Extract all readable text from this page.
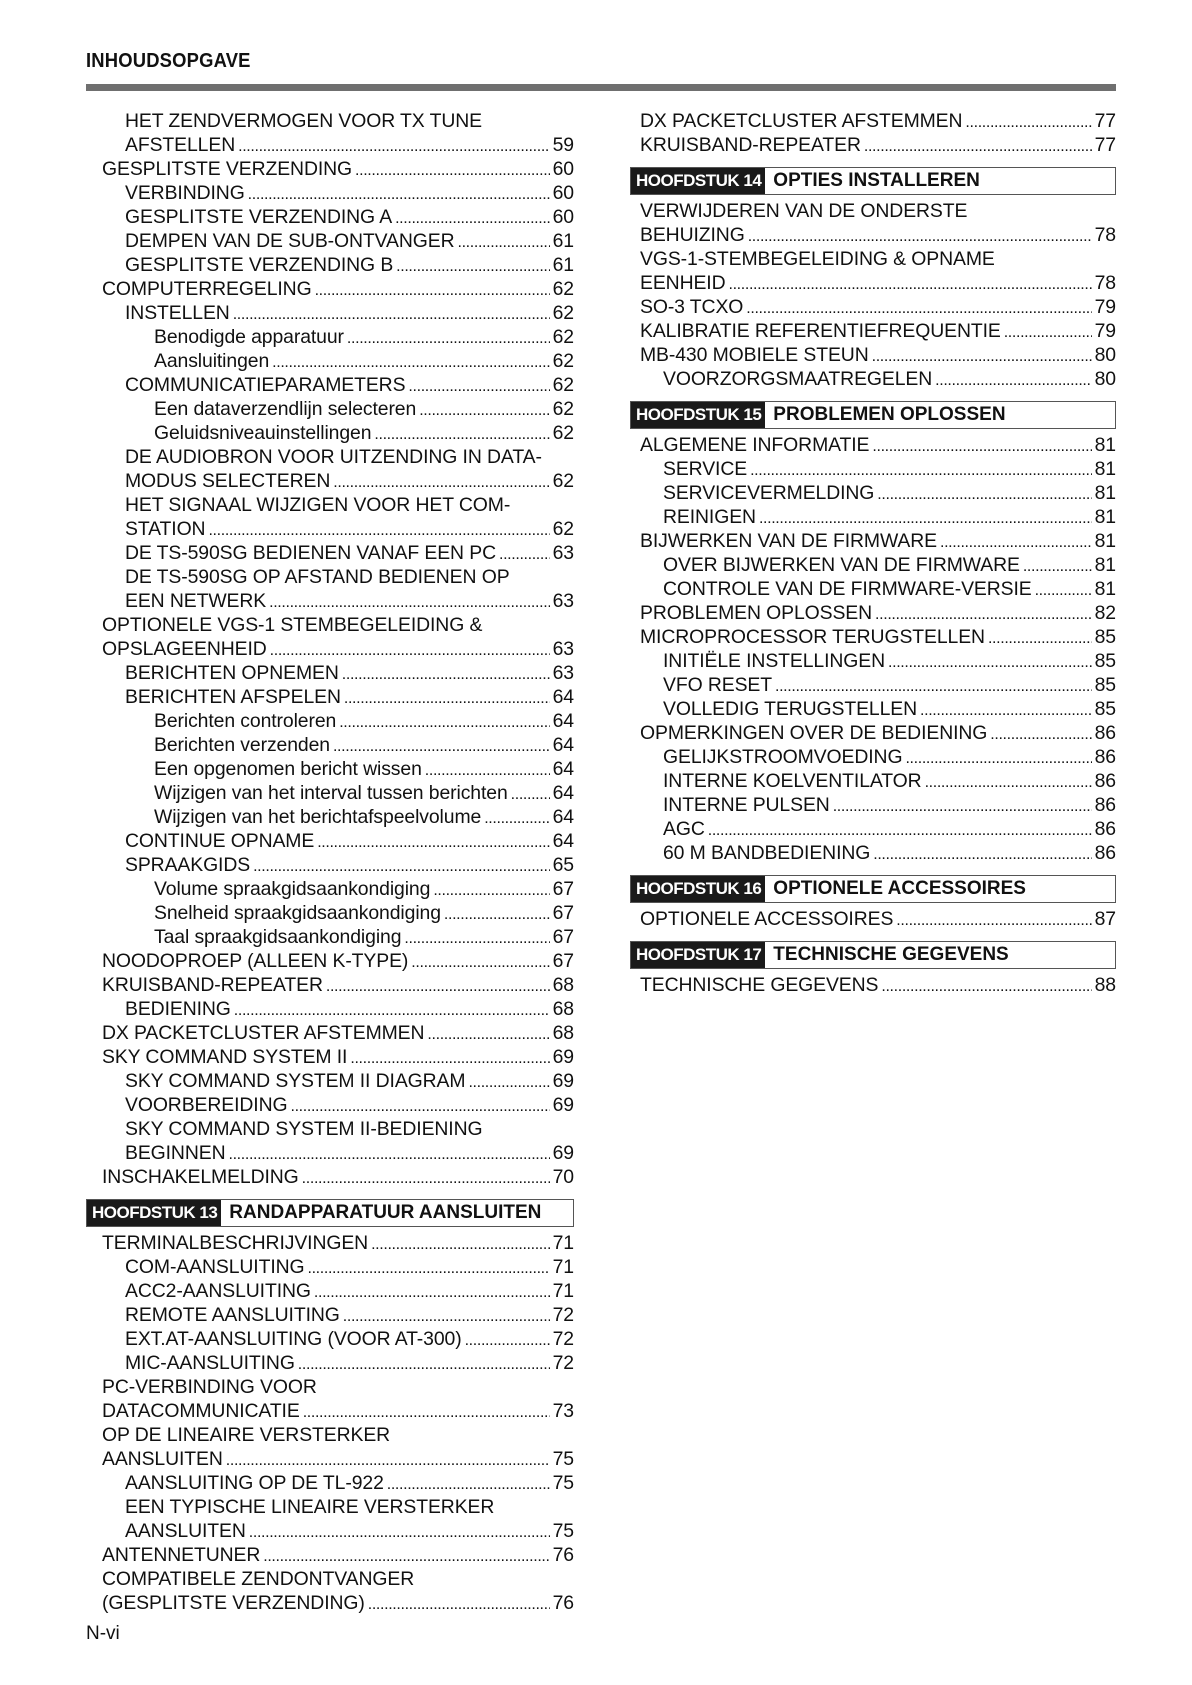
INHOUDSOPGAVE
HET ZENDVERMOGEN VOOR TX TUNE
AFSTELLEN . . .	59
GESPLITSTE VERZENDING . . .	60
VERBINDING . . .	60
GESPLITSTE VERZENDING A . . .	60
DEMPEN VAN DE SUB-ONTVANGER . . .	61
GESPLITSTE VERZENDING B . . .	61
COMPUTERREGELING . . .	62
INSTELLEN . . .	62
Benodigde apparatuur . . .	62
Aansluitingen . . .	62
COMMUNICATIEPARAMETERS . . .	62
Een dataverzendlijn selecteren . . .	62
Geluidsniveauinstellingen . . .	62
DE AUDIOBRON VOOR UITZENDING IN DATA-
MODUS SELECTEREN . . .	62
HET SIGNAAL WIJZIGEN VOOR HET COM-
STATION . . .	62
DE TS-590SG BEDIENEN VANAF EEN PC . . .	63
DE TS-590SG OP AFSTAND BEDIENEN OP
EEN NETWERK . . .	63
OPTIONELE VGS-1 STEMBEGELEIDING &
OPSLAGEENHEID . . .	63
BERICHTEN OPNEMEN . . .	63
BERICHTEN AFSPELEN . . .	64
Berichten controleren . . .	64
Berichten verzenden . . .	64
Een opgenomen bericht wissen . . .	64
Wijzigen van het interval tussen berichten . . . 64
Wijzigen van het berichtafspeelvolume . . .	64
CONTINUE OPNAME . . .	64
SPRAAKGIDS . . .	65
Volume spraakgidsaankondiging . . .	67
Snelheid spraakgidsaankondiging . . .	67
Taal spraakgidsaankondiging . . .	67
NOODOPROEP (ALLEEN K-TYPE) . . .	67
KRUISBAND-REPEATER . . .	68
BEDIENING . . .	68
DX PACKETCLUSTER AFSTEMMEN . . .	68
SKY COMMAND SYSTEM II . . .	69
SKY COMMAND SYSTEM II DIAGRAM . . .	69
VOORBEREIDING . . .	69
SKY COMMAND SYSTEM II-BEDIENING
BEGINNEN . . .	69
INSCHAKELMELDING . . .	70
HOOFDSTUK 13 RANDAPPARATUUR AANSLUITEN
TERMINALBESCHRIJVINGEN . . .	71
COM-AANSLUITING . . .	71
ACC2-AANSLUITING . . .	71
REMOTE AANSLUITING . . .	72
EXT.AT-AANSLUITING (VOOR AT-300) . . .	72
MIC-AANSLUITING . . .	72
PC-VERBINDING VOOR
DATACOMMUNICATIE . . .	73
OP DE LINEAIRE VERSTERKER
AANSLUITEN . . .	75
AANSLUITING OP DE TL-922 . . .	75
EEN TYPISCHE LINEAIRE VERSTERKER
AANSLUITEN . . .	75
ANTENNETUNER . . .	76
COMPATIBELE ZENDONTVANGER
(GESPLITSTE VERZENDING) . . .	76
DX PACKETCLUSTER AFSTEMMEN . . .	77
KRUISBAND-REPEATER . . .	77
HOOFDSTUK 14 OPTIES INSTALLEREN
VERWIJDEREN VAN DE ONDERSTE
BEHUIZING . . .	78
VGS-1-STEMBEGELEIDING & OPNAME
EENHEID . . .	78
SO-3 TCXO . . .	79
KALIBRATIE REFERENTIEFREQUENTIE . . .	79
MB-430 MOBIELE STEUN . . .	80
VOORZORGSMAATREGELEN . . .	80
HOOFDSTUK 15 PROBLEMEN OPLOSSEN
ALGEMENE INFORMATIE . . .	81
SERVICE . . .	81
SERVICEVERMELDING . . .	81
REINIGEN . . .	81
BIJWERKEN VAN DE FIRMWARE . . .	81
OVER BIJWERKEN VAN DE FIRMWARE . . .	81
CONTROLE VAN DE FIRMWARE-VERSIE . . .	81
PROBLEMEN OPLOSSEN . . .	82
MICROPROCESSOR TERUGSTELLEN . . .	85
INITIËLE INSTELLINGEN . . .	85
VFO RESET . . .	85
VOLLEDIG TERUGSTELLEN . . .	85
OPMERKINGEN OVER DE BEDIENING . . .	86
GELIJKSTROOMVOEDING . . .	86
INTERNE KOELVENTILATOR . . .	86
INTERNE PULSEN . . .	86
AGC . . .	86
60 M BANDBEDIENING . . .	86
HOOFDSTUK 16 OPTIONELE ACCESSOIRES
OPTIONELE ACCESSOIRES . . .	87
HOOFDSTUK 17 TECHNISCHE GEGEVENS
TECHNISCHE GEGEVENS . . .	88
N-vi
